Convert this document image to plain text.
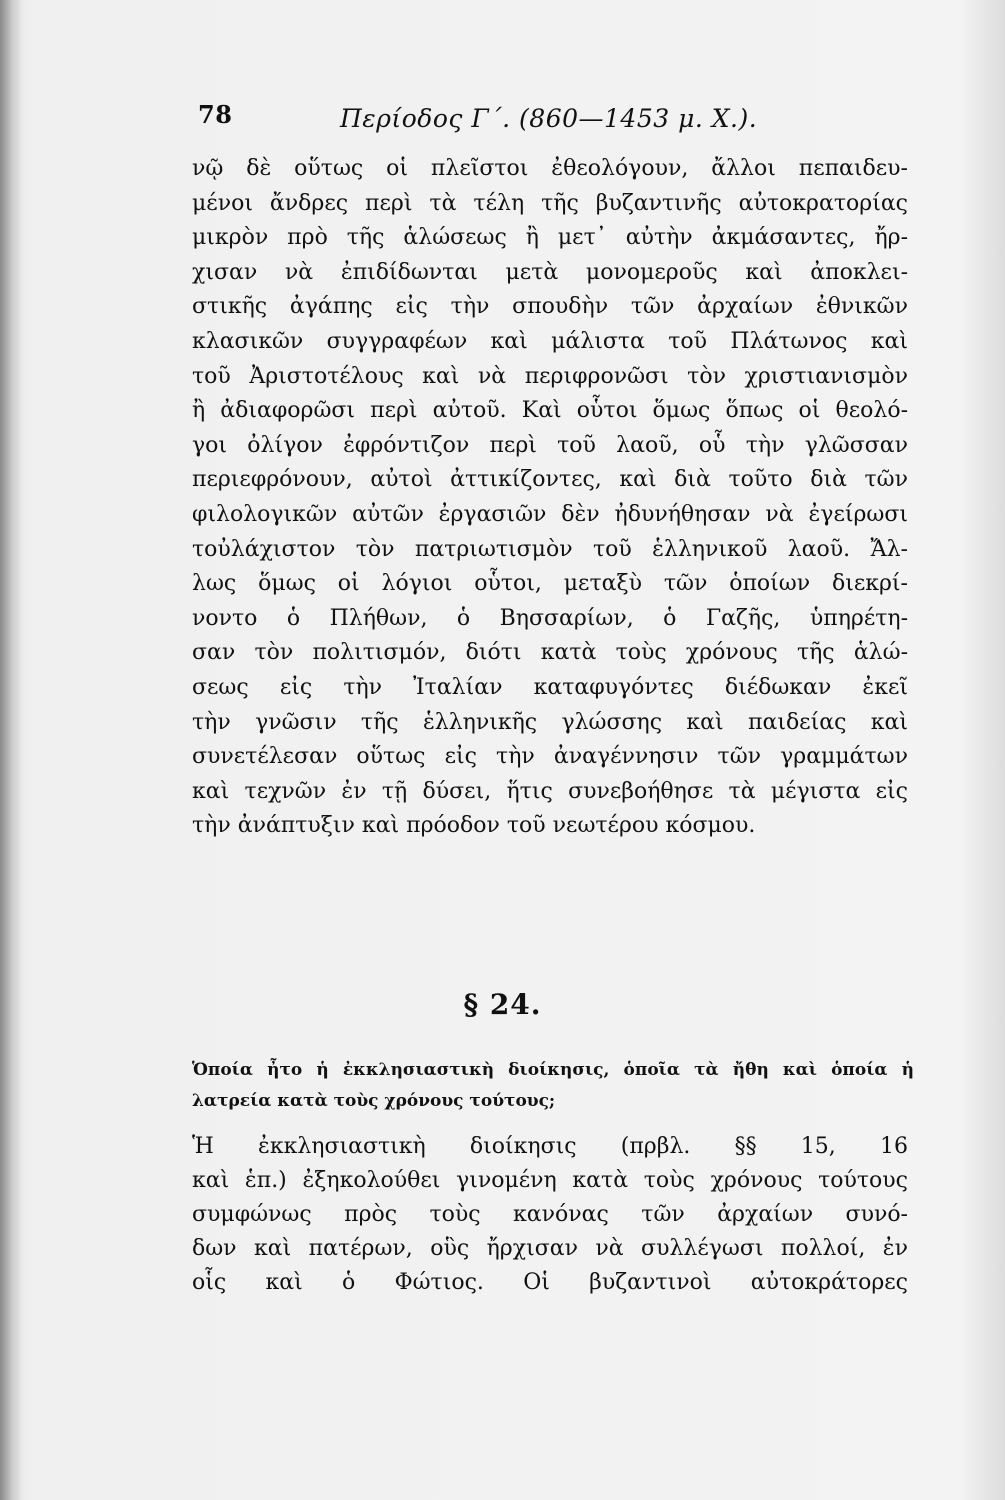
78	Περίοδος Γ΄. (860—1453 μ. Χ.).
νῷ δὲ οὕτως οἱ πλεῖστοι ἐθεολόγουν, ἄλλοι πεπαιδευ-
μένοι ἄνδρες περὶ τὰ τέλη τῆς βυζαντινῆς αὐτοκρατορίας
μικρὸν πρὸ τῆς ἁλώσεως ἢ μετ᾽ αὐτὴν ἀκμάσαντες, ἤρ-
χισαν νὰ ἐπιδίδωνται μετὰ μονομεροῦς καὶ ἀποκλει-
στικῆς ἀγάπης εἰς τὴν σπουδὴν τῶν ἀρχαίων ἐθνικῶν
κλασικῶν συγγραφέων καὶ μάλιστα τοῦ Πλάτωνος καὶ
τοῦ Ἀριστοτέλους καὶ νὰ περιφρονῶσι τὸν χριστιανισμὸν
ἢ ἀδιαφορῶσι περὶ αὐτοῦ. Καὶ οὗτοι ὅμως ὅπως οἱ θεολό-
γοι ὀλίγον ἐφρόντιζον περὶ τοῦ λαοῦ, οὗ τὴν γλῶσσαν
περιεφρόνουν, αὐτοὶ ἀττικίζοντες, καὶ διὰ τοῦτο διὰ τῶν
φιλολογικῶν αὐτῶν ἐργασιῶν δὲν ἠδυνήθησαν νὰ ἐγείρωσι
τοὐλάχιστον τὸν πατριωτισμὸν τοῦ ἑλληνικοῦ λαοῦ. Ἄλ-
λως ὅμως οἱ λόγιοι οὗτοι, μεταξὺ τῶν ὁποίων διεκρί-
νοντο ὁ Πλήθων, ὁ Βησσαρίων, ὁ Γαζῆς, ὑπηρέτη-
σαν τὸν πολιτισμόν, διότι κατὰ τοὺς χρόνους τῆς ἁλώ-
σεως εἰς τὴν Ἰταλίαν καταφυγόντες διέδωκαν ἐκεῖ
τὴν γνῶσιν τῆς ἑλληνικῆς γλώσσης καὶ παιδείας καὶ
συνετέλεσαν οὕτως εἰς τὴν ἀναγέννησιν τῶν γραμμάτων
καὶ τεχνῶν ἐν τῇ δύσει, ἥτις συνεβοήθησε τὰ μέγιστα εἰς
τὴν ἀνάπτυξιν καὶ πρόοδον τοῦ νεωτέρου κόσμου.
§ 24.
Ὁποία ἦτο ἡ ἐκκλησιαστικὴ διοίκησις, ὁποῖα τὰ ἤθη καὶ ὁποία ἡ
λατρεία κατὰ τοὺς χρόνους τούτους;
Ἡ ἐκκλησιαστικὴ διοίκησις (πρβλ. §§ 15, 16
καὶ ἑπ.) ἐξηκολούθει γινομένη κατὰ τοὺς χρόνους τούτους
συμφώνως πρὸς τοὺς κανόνας τῶν ἀρχαίων συνό-
δων καὶ πατέρων, οὓς ἤρχισαν νὰ συλλέγωσι πολλοί, ἐν
οἷς καὶ ὁ Φώτιος. Οἱ βυζαντινοὶ αὐτοκράτορες
